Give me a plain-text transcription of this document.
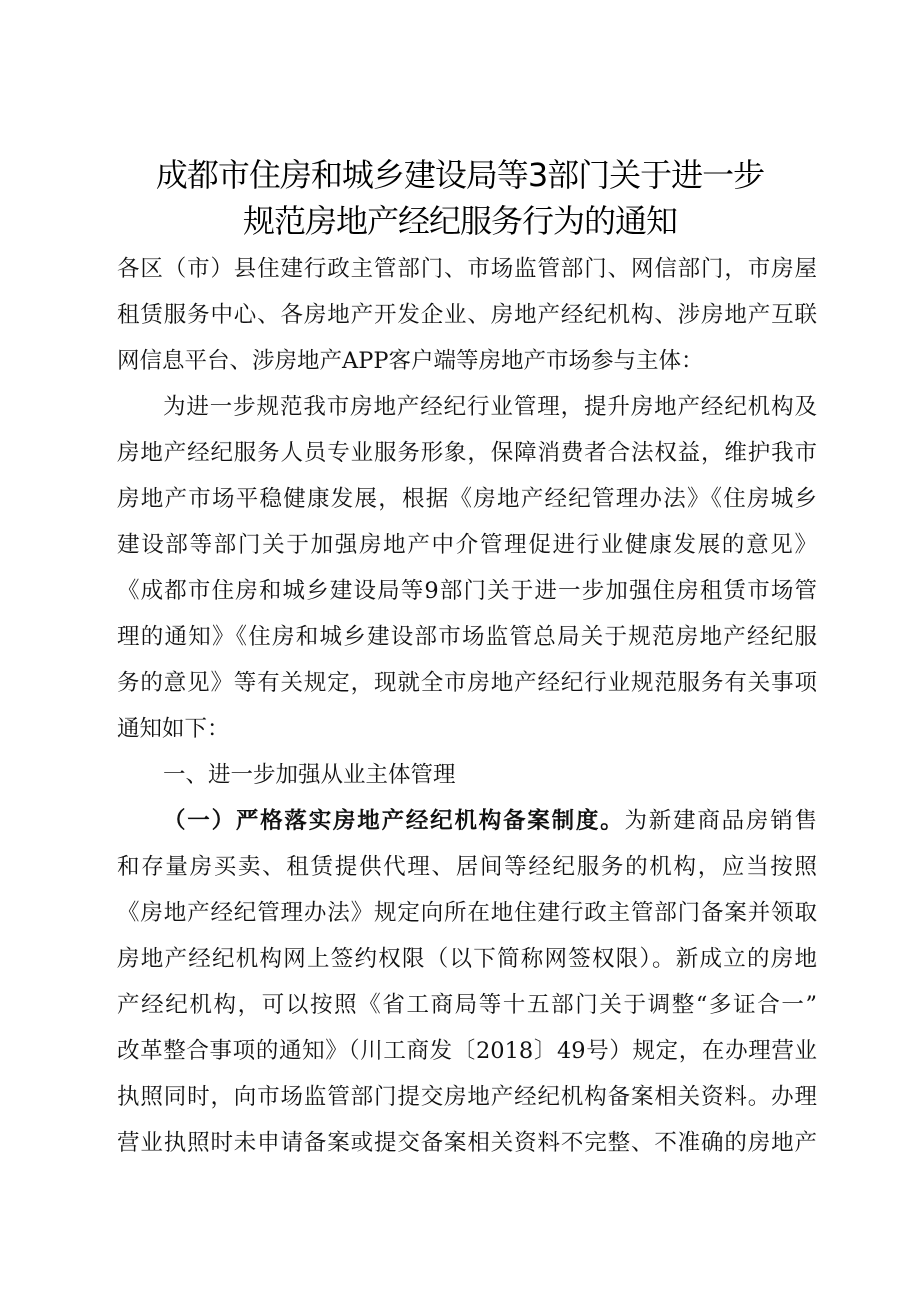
成都市住房和城乡建设局等3部门关于进一步
规范房地产经纪服务行为的通知
各区（市）县住建行政主管部门、市场监管部门、网信部门，市房屋
租赁服务中心、各房地产开发企业、房地产经纪机构、涉房地产互联
网信息平台、涉房地产APP客户端等房地产市场参与主体：
为进一步规范我市房地产经纪行业管理，提升房地产经纪机构及
房地产经纪服务人员专业服务形象，保障消费者合法权益，维护我市
房地产市场平稳健康发展，根据《房地产经纪管理办法》《住房城乡
建设部等部门关于加强房地产中介管理促进行业健康发展的意见》
《成都市住房和城乡建设局等9部门关于进一步加强住房租赁市场管
理的通知》《住房和城乡建设部市场监管总局关于规范房地产经纪服
务的意见》等有关规定，现就全市房地产经纪行业规范服务有关事项
通知如下：
一、进一步加强从业主体管理
（一）严格落实房地产经纪机构备案制度。为新建商品房销售
和存量房买卖、租赁提供代理、居间等经纪服务的机构，应当按照
《房地产经纪管理办法》规定向所在地住建行政主管部门备案并领取
房地产经纪机构网上签约权限（以下简称网签权限）。新成立的房地
产经纪机构，可以按照《省工商局等十五部门关于调整“多证合一”
改革整合事项的通知》（川工商发〔2018〕49号）规定，在办理营业
执照同时，向市场监管部门提交房地产经纪机构备案相关资料。办理
营业执照时未申请备案或提交备案相关资料不完整、不准确的房地产
